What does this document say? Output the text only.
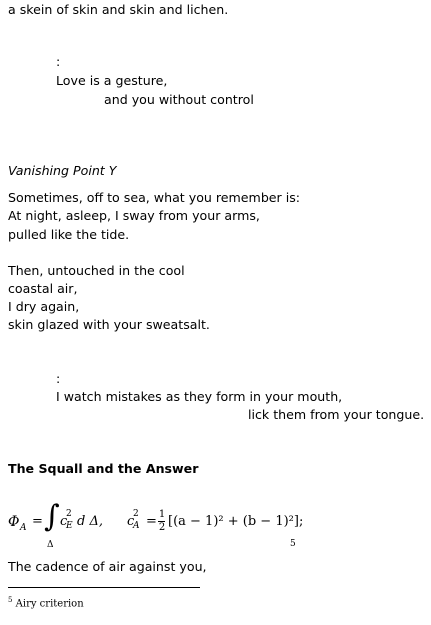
a skein of skin and skin and lichen.
:
Love is a gesture,
and you without control
Vanishing Point Y
Sometimes, off to sea, what you remember is:
At night, asleep, I sway from your arms,
pulled like the tide.
Then, untouched in the cool
coastal air,
I dry again,
skin glazed with your sweatsalt.
:
I watch mistakes as they form in your mouth,
lick them from your tongue.
The Squall and the Answer
Φ A = ∫
Δ
c
2
E d Δ, c
2
A = 1
2 [(a − 1)² + (b − 1)²];
5
The cadence of air against you,
$^5$ Airy criterion
